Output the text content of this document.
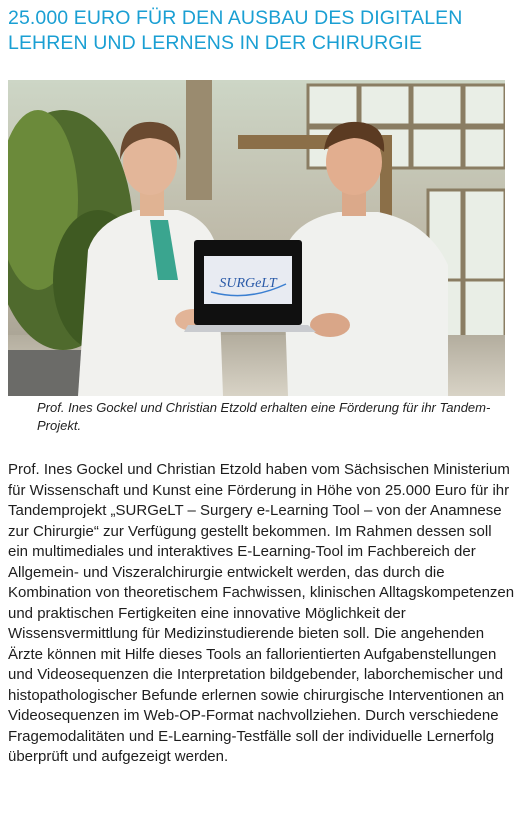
25.000 EURO FÜR DEN AUSBAU DES DIGITALEN LEHREN UND LERNENS IN DER CHIRURGIE
SURGeLT

Prof. Ines Gockel und Christian Etzold erhalten eine Förderung für ihr Tandem-Projekt.

Prof. Ines Gockel und Christian Etzold haben vom Sächsischen Ministerium für Wissenschaft und Kunst eine Förderung in Höhe von 25.000 Euro für ihr Tandemprojekt „SURGeLT – Surgery e-Learning Tool – von der Anamnese zur Chirurgie“ zur Verfügung gestellt bekommen. Im Rahmen dessen soll ein multimediales und interaktives E-Learning-Tool im Fachbereich der Allgemein- und Viszeralchirurgie entwickelt werden, das durch die Kombination von theoretischem Fachwissen, klinischen Alltagskompetenzen und praktischen Fertigkeiten eine innovative Möglichkeit der Wissensvermittlung für Medizinstudierende bieten soll. Die angehenden Ärzte können mit Hilfe dieses Tools an fallorientierten Aufgabenstellungen und Videosequenzen die Interpretation bildgebender, laborchemischer und histopathologischer Befunde erlernen sowie chirurgische Interventionen an Videosequenzen im Web-OP-Format nachvollziehen. Durch verschiedene Fragemodalitäten und E-Learning-Testfälle soll der individuelle Lernerfolg überprüft und aufgezeigt werden.
